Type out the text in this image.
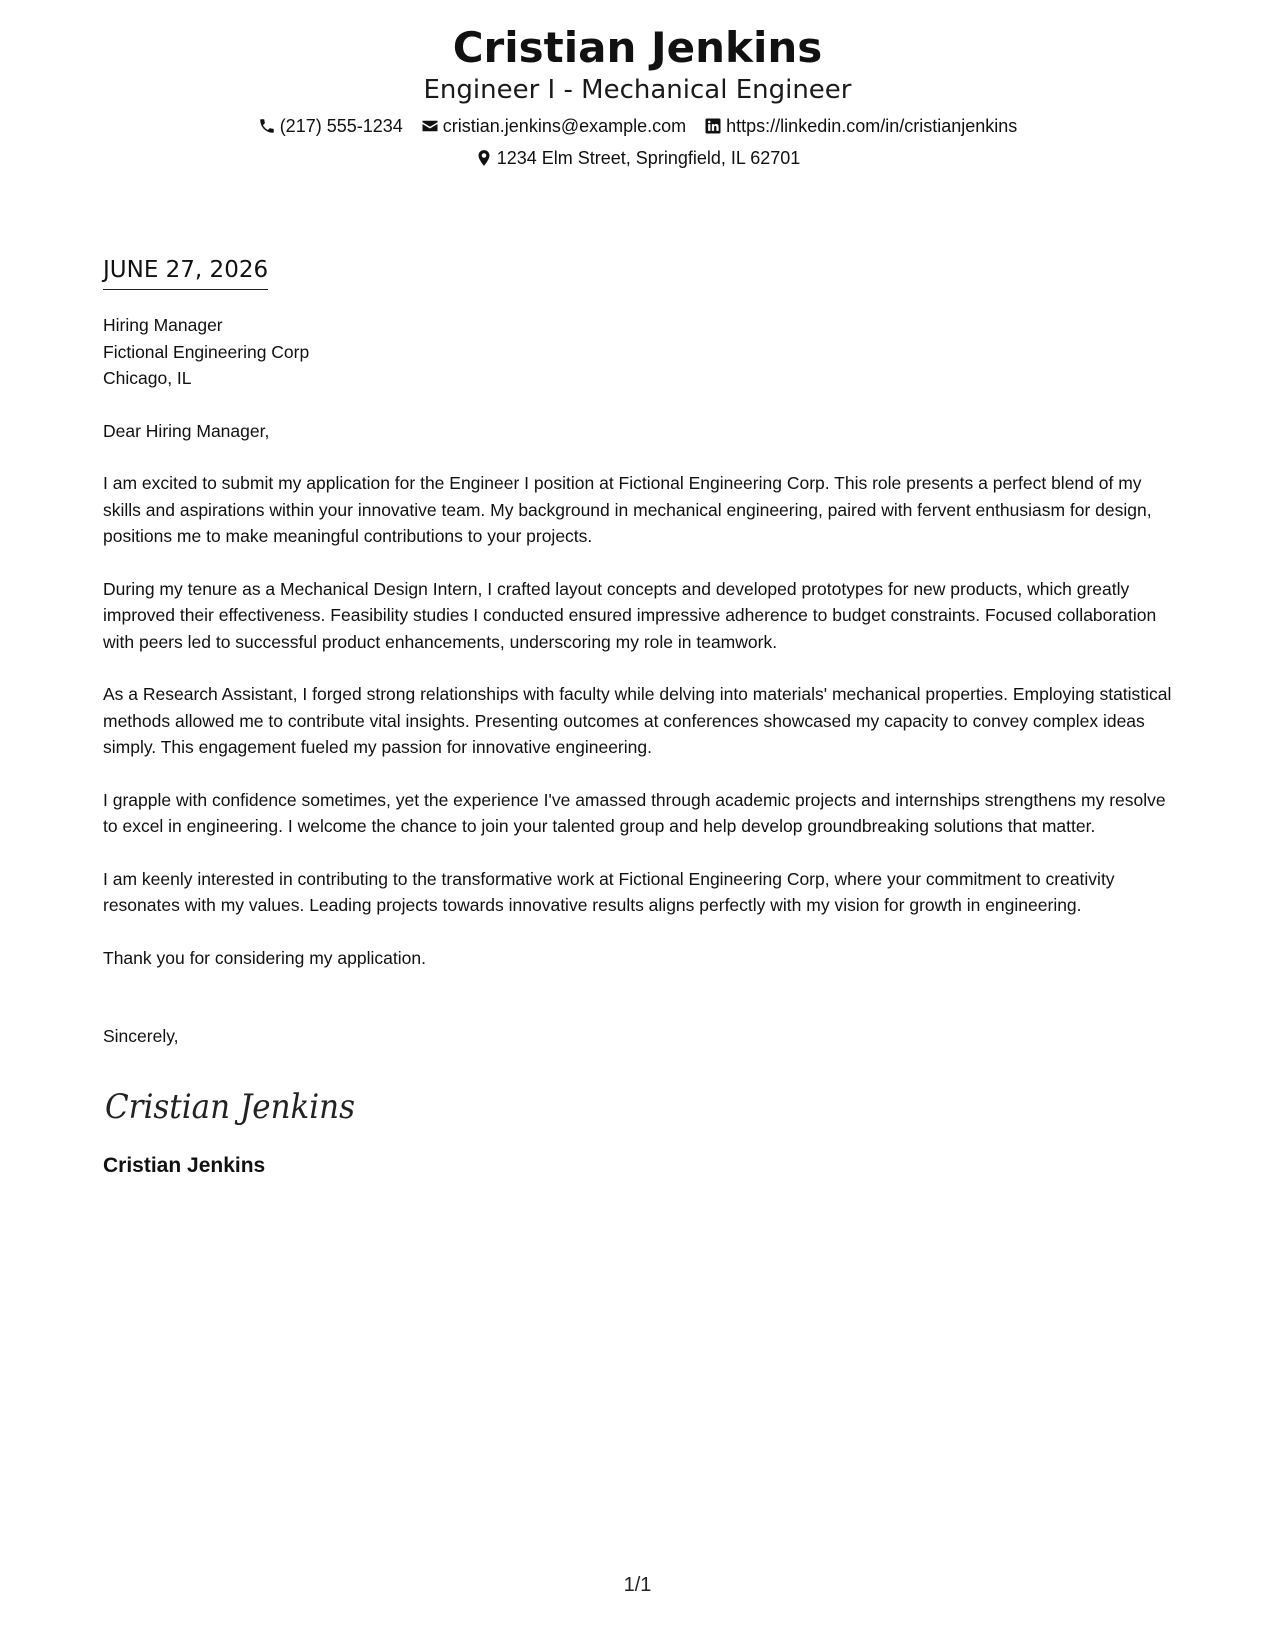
Cristian Jenkins
Engineer I - Mechanical Engineer
(217) 555-1234 cristian.jenkins@example.com https://linkedin.com/in/cristianjenkins
1234 Elm Street, Springfield, IL 62701
JUNE 27, 2026
Hiring Manager
Fictional Engineering Corp
Chicago, IL
Dear Hiring Manager,

I am excited to submit my application for the Engineer I position at Fictional Engineering Corp. This role presents a perfect blend of my skills and aspirations within your innovative team. My background in mechanical engineering, paired with fervent enthusiasm for design, positions me to make meaningful contributions to your projects.

During my tenure as a Mechanical Design Intern, I crafted layout concepts and developed prototypes for new products, which greatly improved their effectiveness. Feasibility studies I conducted ensured impressive adherence to budget constraints. Focused collaboration with peers led to successful product enhancements, underscoring my role in teamwork.

As a Research Assistant, I forged strong relationships with faculty while delving into materials' mechanical properties. Employing statistical methods allowed me to contribute vital insights. Presenting outcomes at conferences showcased my capacity to convey complex ideas simply. This engagement fueled my passion for innovative engineering.

I grapple with confidence sometimes, yet the experience I've amassed through academic projects and internships strengthens my resolve to excel in engineering. I welcome the chance to join your talented group and help develop groundbreaking solutions that matter.

I am keenly interested in contributing to the transformative work at Fictional Engineering Corp, where your commitment to creativity resonates with my values. Leading projects towards innovative results aligns perfectly with my vision for growth in engineering.

Thank you for considering my application.

Sincerely,
Cristian Jenkins
Cristian Jenkins
1/1
